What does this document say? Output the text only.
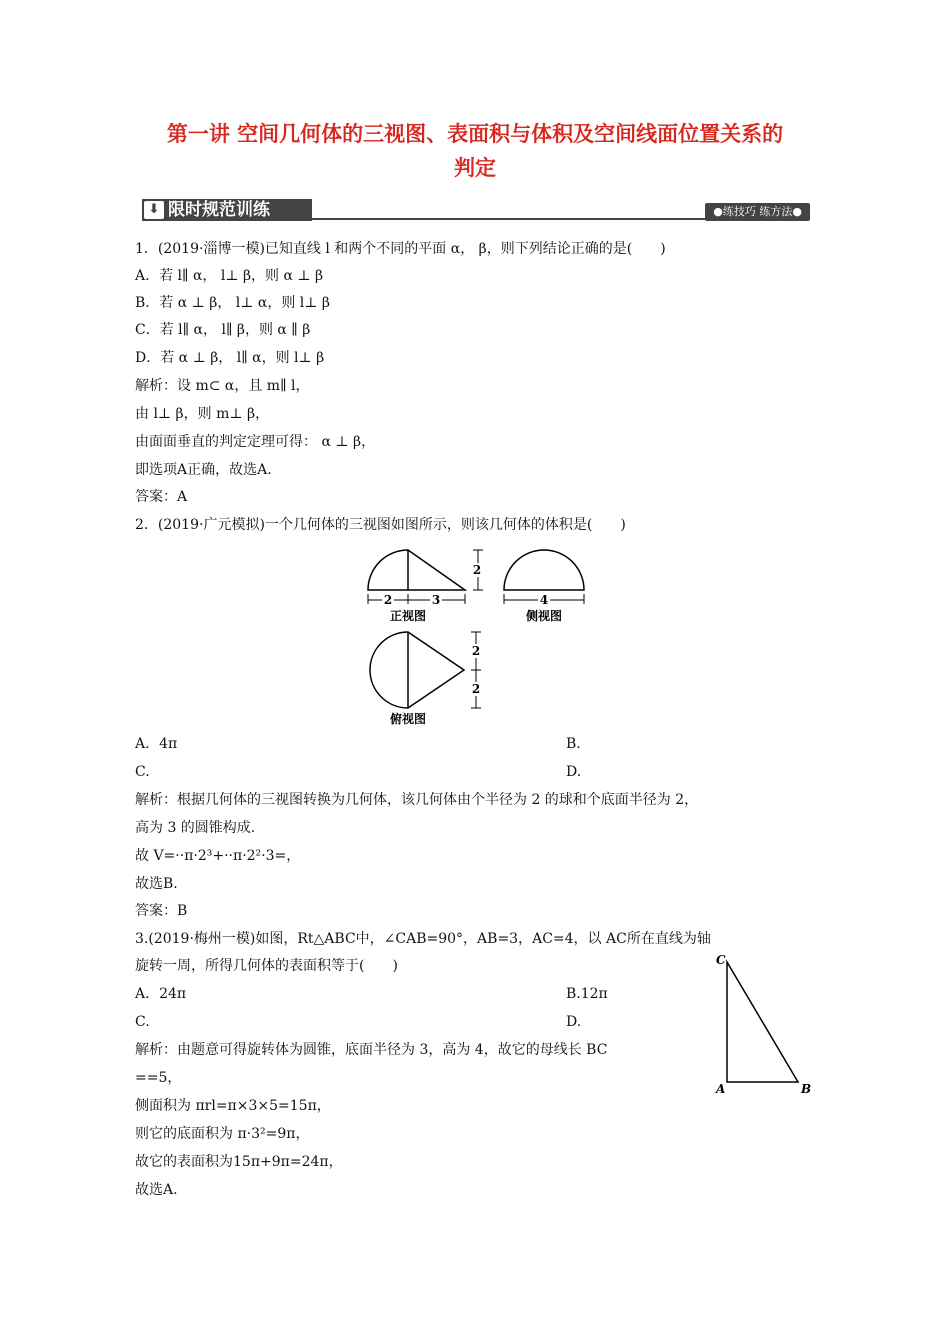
第一讲 空间几何体的三视图、表面积与体积及空间线面位置关系的
判定
⬇ 限时规范训练	●练技巧 练方法●
1．(2019·淄博一模)已知直线 l 和两个不同的平面 α， β，则下列结论正确的是(　　)
A．若 l∥ α， l⊥ β，则 α ⊥ β
B．若 α ⊥ β， l⊥ α，则 l⊥ β
C．若 l∥ α， l∥ β，则 α ∥ β
D．若 α ⊥ β， l∥ α，则 l⊥ β
解析：设 m⊂ α，且 m∥ l，
由 l⊥ β，则 m⊥ β，
由面面垂直的判定定理可得： α ⊥ β，
即选项A正确，故选A.
答案：A
2．(2019·广元模拟)一个几何体的三视图如图所示，则该几何体的体积是(　　)
2	3	4
2
2
2
正视图	侧视图
俯视图
A．4π	B.
C.	D.
解析：根据几何体的三视图转换为几何体，该几何体由个半径为 2 的球和个底面半径为 2，
高为 3 的圆锥构成.
故 V=··π·2³+··π·2²·3=，
故选B.
答案：B
3.(2019·梅州一模)如图，Rt△ABC中，∠CAB=90°，AB=3，AC=4，以 AC所在直线为轴
旋转一周，所得几何体的表面积等于(　　)
A．24π	B.12π
C.	D.
C
A	B
解析：由题意可得旋转体为圆锥，底面半径为 3，高为 4，故它的母线长 BC
==5，
侧面积为 πrl=π×3×5=15π，
则它的底面积为 π·3²=9π，
故它的表面积为15π+9π=24π，
故选A.
